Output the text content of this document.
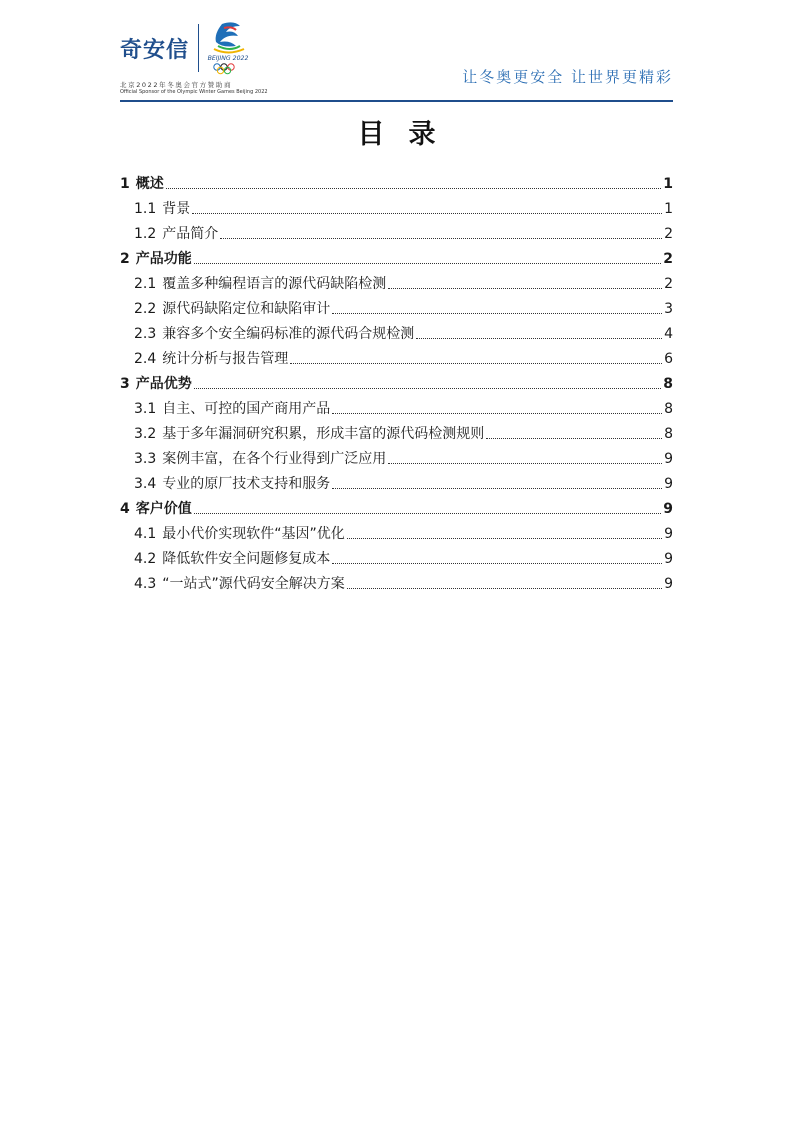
奇安信	BEIJING 2022
北京2022年冬奥会官方赞助商
Official Sponsor of the Olympic Winter Games Beijing 2022
让冬奥更安全 让世界更精彩
目录
1 概述	1
1.1 背景	1
1.2 产品简介	2
2 产品功能	2
2.1 覆盖多种编程语言的源代码缺陷检测	2
2.2 源代码缺陷定位和缺陷审计	3
2.3 兼容多个安全编码标准的源代码合规检测	4
2.4 统计分析与报告管理	6
3 产品优势	8
3.1 自主、可控的国产商用产品	8
3.2 基于多年漏洞研究积累，形成丰富的源代码检测规则	8
3.3 案例丰富，在各个行业得到广泛应用	9
3.4 专业的原厂技术支持和服务	9
4 客户价值	9
4.1 最小代价实现软件“基因”优化	9
4.2 降低软件安全问题修复成本	9
4.3 “一站式”源代码安全解决方案	9
